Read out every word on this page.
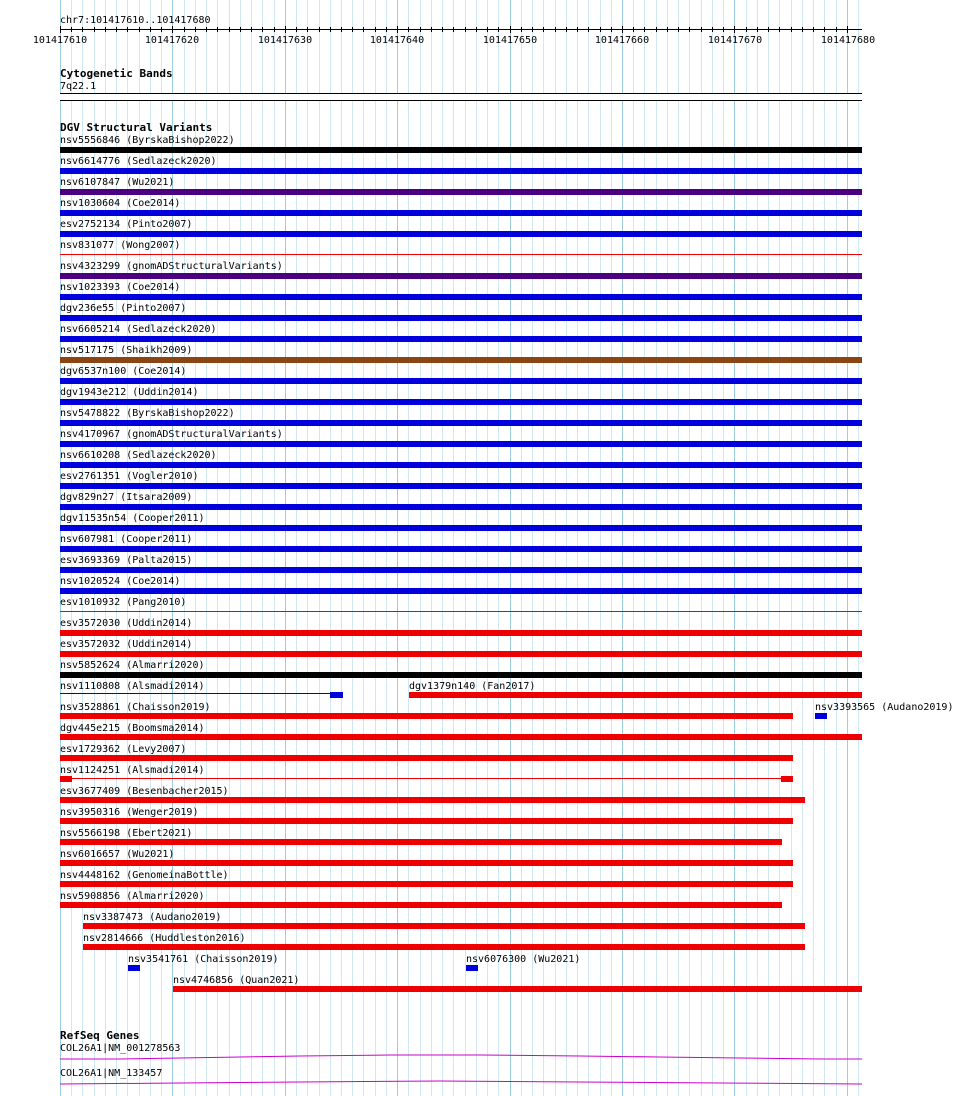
chr7:101417610..101417680
101417610	101417620	101417630	101417640	101417650	101417660	101417670	101417680
Cytogenetic Bands
7q22.1
DGV Structural Variants
nsv5556846 (ByrskaBishop2022)
nsv6614776 (Sedlazeck2020)
nsv6107847 (Wu2021)
nsv1030604 (Coe2014)
esv2752134 (Pinto2007)
nsv831077 (Wong2007)
nsv4323299 (gnomADStructuralVariants)
nsv1023393 (Coe2014)
dgv236e55 (Pinto2007)
nsv6605214 (Sedlazeck2020)
nsv517175 (Shaikh2009)
dgv6537n100 (Coe2014)
dgv1943e212 (Uddin2014)
nsv5478822 (ByrskaBishop2022)
nsv4170967 (gnomADStructuralVariants)
nsv6610208 (Sedlazeck2020)
esv2761351 (Vogler2010)
dgv829n27 (Itsara2009)
dgv11535n54 (Cooper2011)
nsv607981 (Cooper2011)
esv3693369 (Palta2015)
nsv1020524 (Coe2014)
esv1010932 (Pang2010)
esv3572030 (Uddin2014)
esv3572032 (Uddin2014)
nsv5852624 (Almarri2020)
nsv1110808 (Alsmadi2014)	dgv1379n140 (Fan2017)
nsv3528861 (Chaisson2019)	nsv3393565 (Audano2019)
dgv445e215 (Boomsma2014)
esv1729362 (Levy2007)
nsv1124251 (Alsmadi2014)
esv3677409 (Besenbacher2015)
nsv3950316 (Wenger2019)
nsv5566198 (Ebert2021)
nsv6016657 (Wu2021)
nsv4448162 (GenomeinaBottle)
nsv5908856 (Almarri2020)
nsv3387473 (Audano2019)
nsv2814666 (Huddleston2016)
nsv3541761 (Chaisson2019)	nsv6076300 (Wu2021)
nsv4746856 (Quan2021)
RefSeq Genes
COL26A1|NM_001278563
COL26A1|NM_133457
